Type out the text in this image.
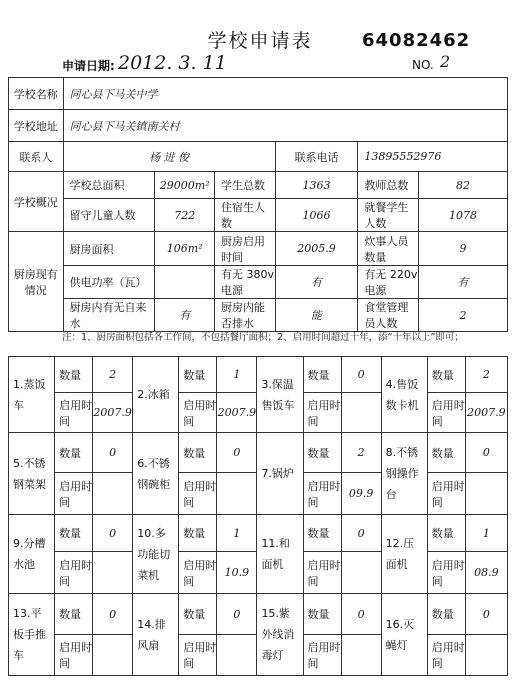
学校申请表	64082462
申请日期: 2012. 3. 11	NO. 2
学校名称	同心县下马关中学					
学校地址	同心县下马关镇南关村					
联系人	杨 进 俊			联系电话	13895552976	
学校概况	学校总面积	29000m²	学生总数	1363	教师总数	82
	留守儿童人数	722	住宿生人数	1066	就餐学生人数	1078
厨房现有情况	厨房面积	106m²	厨房启用时间	2005.9	炊事人员数量	9
	供电功率（瓦）		有无 380v 电源	有	有无 220v 电源	有
	厨房内有无自来水	有	厨房内能否排水	能	食堂管理员人数	2
注：1、厨房面积包括各工作间，不包括餐厅面积；2、启用时间超过十年，添“十年以上”即可；
1.蒸饭车	数量	2	2.冰箱	数量	1	3.保温售饭车	数量	0	4.售饭数卡机	数量	2
	启用时间	2007.9		启用时间	2007.9		启用时间			启用时间	2007.9
5.不锈钢菜架	数量	0	6.不锈钢碗柜	数量	0	7.锅炉	数量	2	8.不锈钢操作台	数量	0
	启用时间			启用时间			启用时间	09.9		启用时间	
9.分槽水池	数量	0	10.多功能切菜机	数量	1	11.和面机	数量	0	12.压面机	数量	1
	启用时间			启用时间	10.9		启用时间			启用时间	08.9
13.平板手推车	数量	0	14.排风扇	数量	0	15.紫外线消毒灯	数量	0	16.灭蝇灯	数量	0
	启用时间			启用时间			启用时间			启用时间	
